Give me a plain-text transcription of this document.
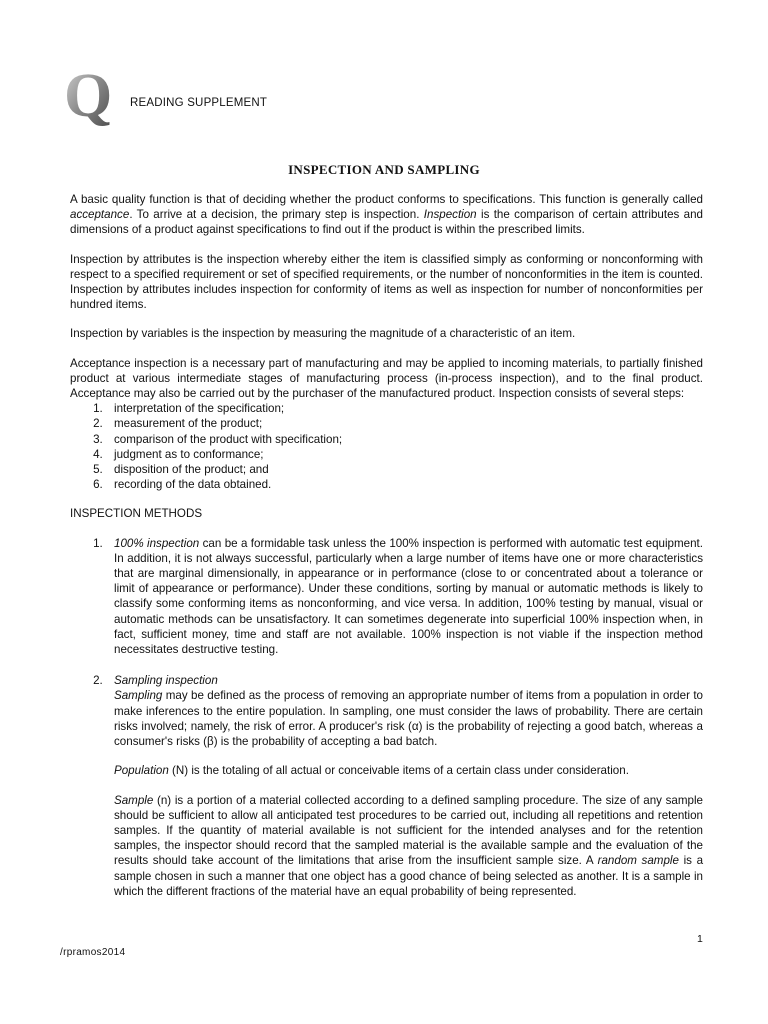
Q READING SUPPLEMENT
INSPECTION AND SAMPLING

A basic quality function is that of deciding whether the product conforms to specifications. This function is generally called acceptance. To arrive at a decision, the primary step is inspection. Inspection is the comparison of certain attributes and dimensions of a product against specifications to find out if the product is within the prescribed limits.

Inspection by attributes is the inspection whereby either the item is classified simply as conforming or nonconforming with respect to a specified requirement or set of specified requirements, or the number of nonconformities in the item is counted. Inspection by attributes includes inspection for conformity of items as well as inspection for number of nonconformities per hundred items.

Inspection by variables is the inspection by measuring the magnitude of a characteristic of an item.

Acceptance inspection is a necessary part of manufacturing and may be applied to incoming materials, to partially finished product at various intermediate stages of manufacturing process (in-process inspection), and to the final product. Acceptance may also be carried out by the purchaser of the manufactured product. Inspection consists of several steps:

1. interpretation of the specification;
2. measurement of the product;
3. comparison of the product with specification;
4. judgment as to conformance;
5. disposition of the product; and
6. recording of the data obtained.

INSPECTION METHODS

1. 100% inspection can be a formidable task unless the 100% inspection is performed with automatic test equipment. In addition, it is not always successful, particularly when a large number of items have one or more characteristics that are marginal dimensionally, in appearance or in performance (close to or concentrated about a tolerance or limit of appearance or performance). Under these conditions, sorting by manual or automatic methods is likely to classify some conforming items as nonconforming, and vice versa. In addition, 100% testing by manual, visual or automatic methods can be unsatisfactory. It can sometimes degenerate into superficial 100% inspection when, in fact, sufficient money, time and staff are not available. 100% inspection is not viable if the inspection method necessitates destructive testing.
2. Sampling inspection
Sampling may be defined as the process of removing an appropriate number of items from a population in order to make inferences to the entire population. In sampling, one must consider the laws of probability. There are certain risks involved; namely, the risk of error. A producer's risk (α) is the probability of rejecting a good batch, whereas a consumer's risks (β) is the probability of accepting a bad batch.
Population (N) is the totaling of all actual or conceivable items of a certain class under consideration.
Sample (n) is a portion of a material collected according to a defined sampling procedure. The size of any sample should be sufficient to allow all anticipated test procedures to be carried out, including all repetitions and retention samples. If the quantity of material available is not sufficient for the intended analyses and for the retention samples, the inspector should record that the sampled material is the available sample and the evaluation of the results should take account of the limitations that arise from the insufficient sample size. A random sample is a sample chosen in such a manner that one object has a good chance of being selected as another. It is a sample in which the different fractions of the material have an equal probability of being represented.
1
/rpramos2014
